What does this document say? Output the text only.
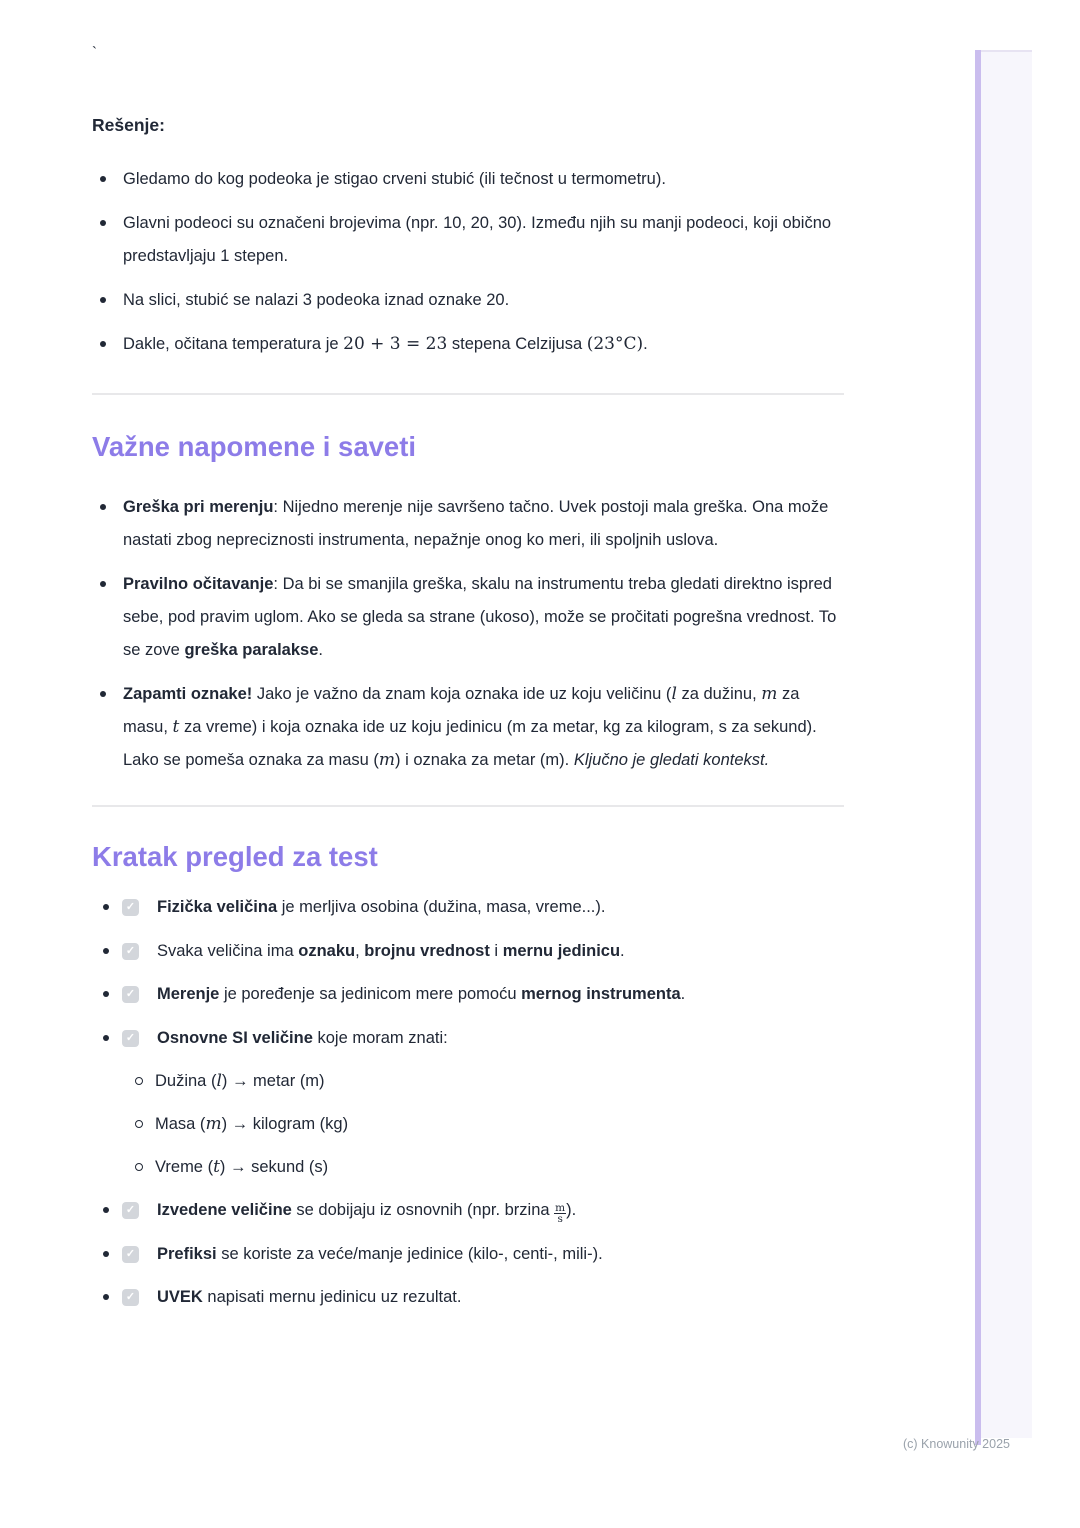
`
Rešenje:
Gledamo do kog podeoka je stigao crveni stubić (ili tečnost u termometru).
Glavni podeoci su označeni brojevima (npr. 10, 20, 30). Između njih su manji podeoci, koji obično predstavljaju 1 stepen.
Na slici, stubić se nalazi 3 podeoka iznad oznake 20.
Dakle, očitana temperatura je 20 + 3 = 23 stepena Celzijusa (23°C).
Važne napomene i saveti
Greška pri merenju: Nijedno merenje nije savršeno tačno. Uvek postoji mala greška. Ona može nastati zbog nepreciznosti instrumenta, nepažnje onog ko meri, ili spoljnih uslova.
Pravilno očitavanje: Da bi se smanjila greška, skalu na instrumentu treba gledati direktno ispred sebe, pod pravim uglom. Ako se gleda sa strane (ukoso), može se pročitati pogrešna vrednost. To se zove greška paralakse.
Zapamti oznake! Jako je važno da znam koja oznaka ide uz koju veličinu (l za dužinu, m za masu, t za vreme) i koja oznaka ide uz koju jedinicu (m za metar, kg za kilogram, s za sekund). Lako se pomeša oznaka za masu (m) i oznaka za metar (m). Ključno je gledati kontekst.
Kratak pregled za test
✓ Fizička veličina je merljiva osobina (dužina, masa, vreme...).
✓ Svaka veličina ima oznaku, brojnu vrednost i mernu jedinicu.
✓ Merenje je poređenje sa jedinicom mere pomoću mernog instrumenta.
✓ Osnovne SI veličine koje moram znati:
Dužina (l) → metar (m)
Masa (m) → kilogram (kg)
Vreme (t) → sekund (s)
✓ Izvedene veličine se dobijaju iz osnovnih (npr. brzina $\frac{m}{s}$ ).
✓ Prefiksi se koriste za veće/manje jedinice (kilo-, centi-, mili-).
✓ UVEK napisati mernu jedinicu uz rezultat.
(c) Knowunity 2025
